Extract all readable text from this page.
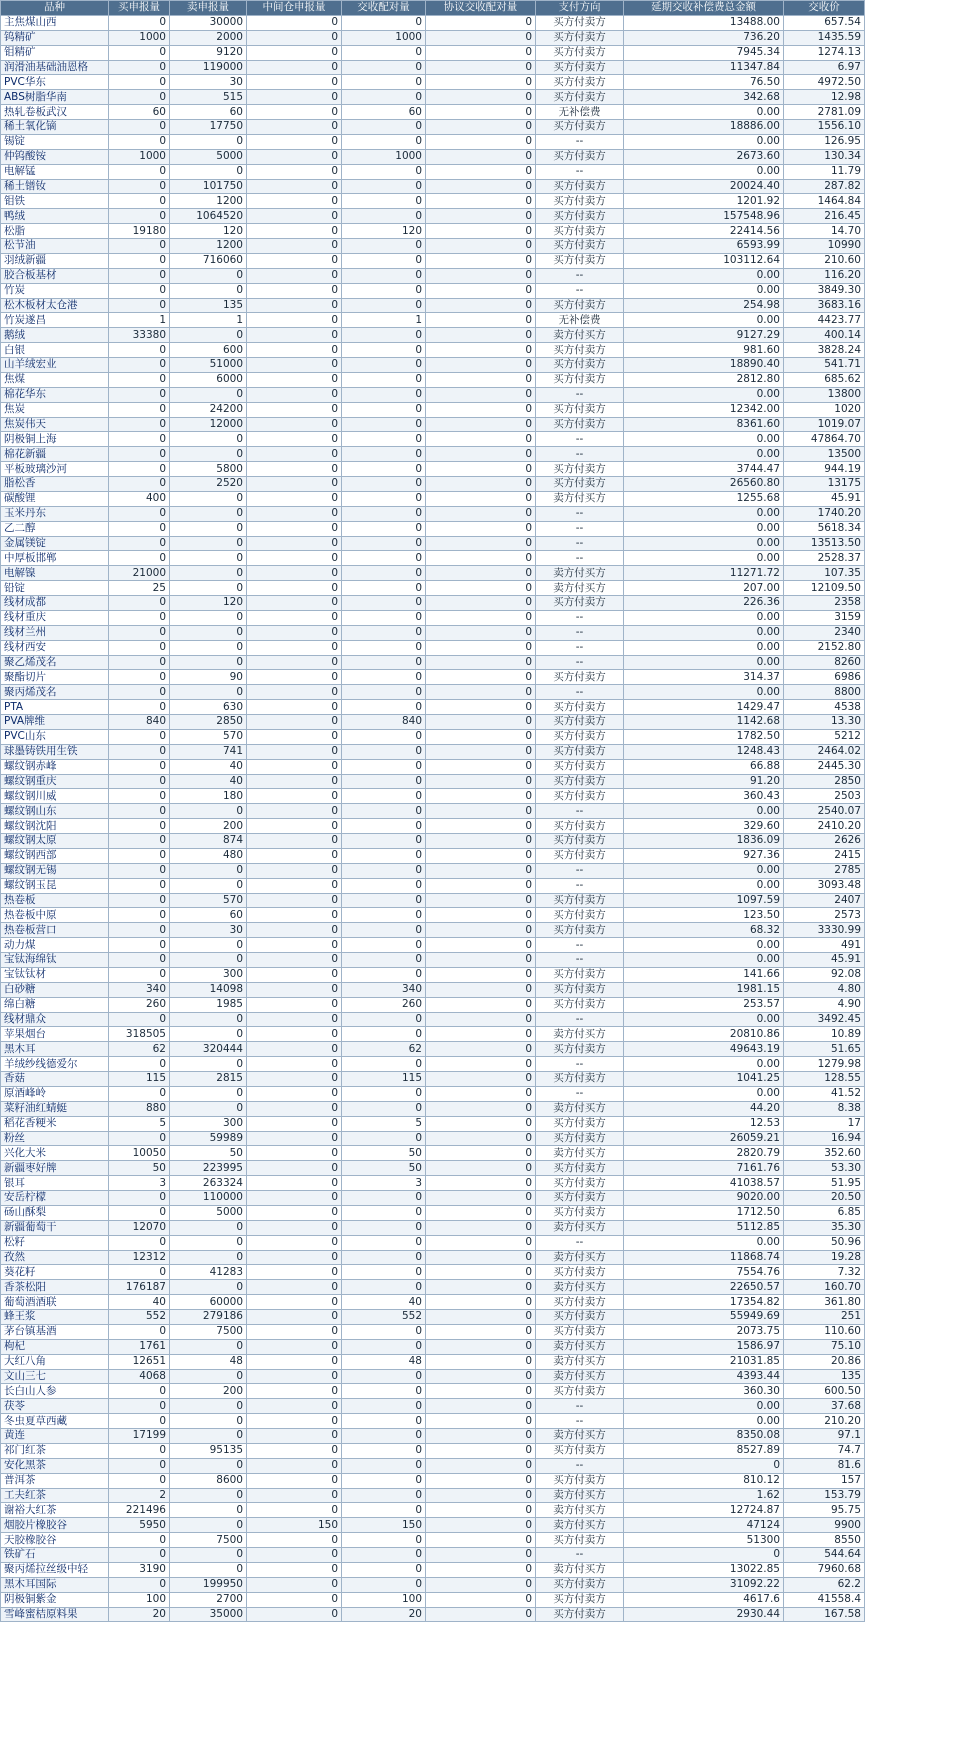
品种	买申报量	卖申报量	中间仓申报量	交收配对量	协议交收配对量	支付方向	延期交收补偿费总金额	交收价
主焦煤山西	0	30000	0	0	0	买方付卖方	13488.00	657.54
钨精矿	1000	2000	0	1000	0	买方付卖方	736.20	1435.59
钼精矿	0	9120	0	0	0	买方付卖方	7945.34	1274.13
润滑油基础油恩格	0	119000	0	0	0	买方付卖方	11347.84	6.97
PVC华东	0	30	0	0	0	买方付卖方	76.50	4972.50
ABS树脂华南	0	515	0	0	0	买方付卖方	342.68	12.98
热轧卷板武汉	60	60	0	60	0	无补偿费	0.00	2781.09
稀土氧化镝	0	17750	0	0	0	买方付卖方	18886.00	1556.10
锡锭	0	0	0	0	0	--	0.00	126.95
仲钨酸铵	1000	5000	0	1000	0	买方付卖方	2673.60	130.34
电解锰	0	0	0	0	0	--	0.00	11.79
稀土镨钕	0	101750	0	0	0	买方付卖方	20024.40	287.82
钼铁	0	1200	0	0	0	买方付卖方	1201.92	1464.84
鸭绒	0	1064520	0	0	0	买方付卖方	157548.96	216.45
松脂	19180	120	0	120	0	买方付卖方	22414.56	14.70
松节油	0	1200	0	0	0	买方付卖方	6593.99	10990
羽绒新疆	0	716060	0	0	0	买方付卖方	103112.64	210.60
胶合板基材	0	0	0	0	0	--	0.00	116.20
竹炭	0	0	0	0	0	--	0.00	3849.30
松木板材太仓港	0	135	0	0	0	买方付卖方	254.98	3683.16
竹炭遂昌	1	1	0	1	0	无补偿费	0.00	4423.77
鹅绒	33380	0	0	0	0	卖方付买方	9127.29	400.14
白银	0	600	0	0	0	买方付卖方	981.60	3828.24
山羊绒宏业	0	51000	0	0	0	买方付卖方	18890.40	541.71
焦煤	0	6000	0	0	0	买方付卖方	2812.80	685.62
棉花华东	0	0	0	0	0	--	0.00	13800
焦炭	0	24200	0	0	0	买方付卖方	12342.00	1020
焦炭伟天	0	12000	0	0	0	买方付卖方	8361.60	1019.07
阴极铜上海	0	0	0	0	0	--	0.00	47864.70
棉花新疆	0	0	0	0	0	--	0.00	13500
平板玻璃沙河	0	5800	0	0	0	买方付卖方	3744.47	944.19
脂松香	0	2520	0	0	0	买方付卖方	26560.80	13175
碳酸锂	400	0	0	0	0	卖方付买方	1255.68	45.91
玉米丹东	0	0	0	0	0	--	0.00	1740.20
乙二醇	0	0	0	0	0	--	0.00	5618.34
金属镁锭	0	0	0	0	0	--	0.00	13513.50
中厚板邯郸	0	0	0	0	0	--	0.00	2528.37
电解镍	21000	0	0	0	0	卖方付买方	11271.72	107.35
铅锭	25	0	0	0	0	卖方付买方	207.00	12109.50
线材成都	0	120	0	0	0	买方付卖方	226.36	2358
线材重庆	0	0	0	0	0	--	0.00	3159
线材兰州	0	0	0	0	0	--	0.00	2340
线材西安	0	0	0	0	0	--	0.00	2152.80
聚乙烯茂名	0	0	0	0	0	--	0.00	8260
聚酯切片	0	90	0	0	0	买方付卖方	314.37	6986
聚丙烯茂名	0	0	0	0	0	--	0.00	8800
PTA	0	630	0	0	0	买方付卖方	1429.47	4538
PVA牌维	840	2850	0	840	0	买方付卖方	1142.68	13.30
PVC山东	0	570	0	0	0	买方付卖方	1782.50	5212
球墨铸铁用生铁	0	741	0	0	0	买方付卖方	1248.43	2464.02
螺纹钢赤峰	0	40	0	0	0	买方付卖方	66.88	2445.30
螺纹钢重庆	0	40	0	0	0	买方付卖方	91.20	2850
螺纹钢川威	0	180	0	0	0	买方付卖方	360.43	2503
螺纹钢山东	0	0	0	0	0	--	0.00	2540.07
螺纹钢沈阳	0	200	0	0	0	买方付卖方	329.60	2410.20
螺纹钢太原	0	874	0	0	0	买方付卖方	1836.09	2626
螺纹钢西部	0	480	0	0	0	买方付卖方	927.36	2415
螺纹钢无锡	0	0	0	0	0	--	0.00	2785
螺纹钢玉昆	0	0	0	0	0	--	0.00	3093.48
热卷板	0	570	0	0	0	买方付卖方	1097.59	2407
热卷板中原	0	60	0	0	0	买方付卖方	123.50	2573
热卷板营口	0	30	0	0	0	买方付卖方	68.32	3330.99
动力煤	0	0	0	0	0	--	0.00	491
宝钛海绵钛	0	0	0	0	0	--	0.00	45.91
宝钛钛材	0	300	0	0	0	买方付卖方	141.66	92.08
白砂糖	340	14098	0	340	0	买方付卖方	1981.15	4.80
绵白糖	260	1985	0	260	0	买方付卖方	253.57	4.90
线材鼎众	0	0	0	0	0	--	0.00	3492.45
苹果烟台	318505	0	0	0	0	卖方付买方	20810.86	10.89
黑木耳	62	320444	0	62	0	买方付卖方	49643.19	51.65
羊绒纱线德爱尔	0	0	0	0	0	--	0.00	1279.98
香菇	115	2815	0	115	0	买方付卖方	1041.25	128.55
原酒峰岭	0	0	0	0	0	--	0.00	41.52
菜籽油红蜻蜓	880	0	0	0	0	卖方付买方	44.20	8.38
稻花香粳米	5	300	0	5	0	买方付卖方	12.53	17
粉丝	0	59989	0	0	0	买方付卖方	26059.21	16.94
兴化大米	10050	50	0	50	0	卖方付买方	2820.79	352.60
新疆枣好牌	50	223995	0	50	0	买方付卖方	7161.76	53.30
银耳	3	263324	0	3	0	买方付卖方	41038.57	51.95
安岳柠檬	0	110000	0	0	0	买方付卖方	9020.00	20.50
砀山酥梨	0	5000	0	0	0	买方付卖方	1712.50	6.85
新疆葡萄干	12070	0	0	0	0	卖方付买方	5112.85	35.30
松籽	0	0	0	0	0	--	0.00	50.96
孜然	12312	0	0	0	0	卖方付买方	11868.74	19.28
葵花籽	0	41283	0	0	0	买方付卖方	7554.76	7.32
香茶松阳	176187	0	0	0	0	卖方付买方	22650.57	160.70
葡萄酒酒联	40	60000	0	40	0	买方付卖方	17354.82	361.80
蜂王浆	552	279186	0	552	0	买方付卖方	55949.69	251
茅台镇基酒	0	7500	0	0	0	买方付卖方	2073.75	110.60
枸杞	1761	0	0	0	0	卖方付买方	1586.97	75.10
大红八角	12651	48	0	48	0	卖方付买方	21031.85	20.86
文山三七	4068	0	0	0	0	卖方付买方	4393.44	135
长白山人参	0	200	0	0	0	买方付卖方	360.30	600.50
茯苓	0	0	0	0	0	--	0.00	37.68
冬虫夏草西藏	0	0	0	0	0	--	0.00	210.20
黄连	17199	0	0	0	0	卖方付买方	8350.08	97.1
祁门红茶	0	95135	0	0	0	买方付卖方	8527.89	74.7
安化黑茶	0	0	0	0	0	--	0	81.6
普洱茶	0	8600	0	0	0	买方付卖方	810.12	157
工夫红茶	2	0	0	0	0	卖方付买方	1.62	153.79
谢裕大红茶	221496	0	0	0	0	卖方付买方	12724.87	95.75
烟胶片橡胶谷	5950	0	150	150	0	卖方付买方	47124	9900
天胶橡胶谷	0	7500	0	0	0	买方付卖方	51300	8550
铁矿石	0	0	0	0	0	--	0	544.64
聚丙烯拉丝级中轻	3190	0	0	0	0	卖方付买方	13022.85	7960.68
黑木耳国际	0	199950	0	0	0	买方付卖方	31092.22	62.2
阴极铜紫金	100	2700	0	100	0	买方付卖方	4617.6	41558.4
雪峰蜜桔原料果	20	35000	0	20	0	买方付卖方	2930.44	167.58
